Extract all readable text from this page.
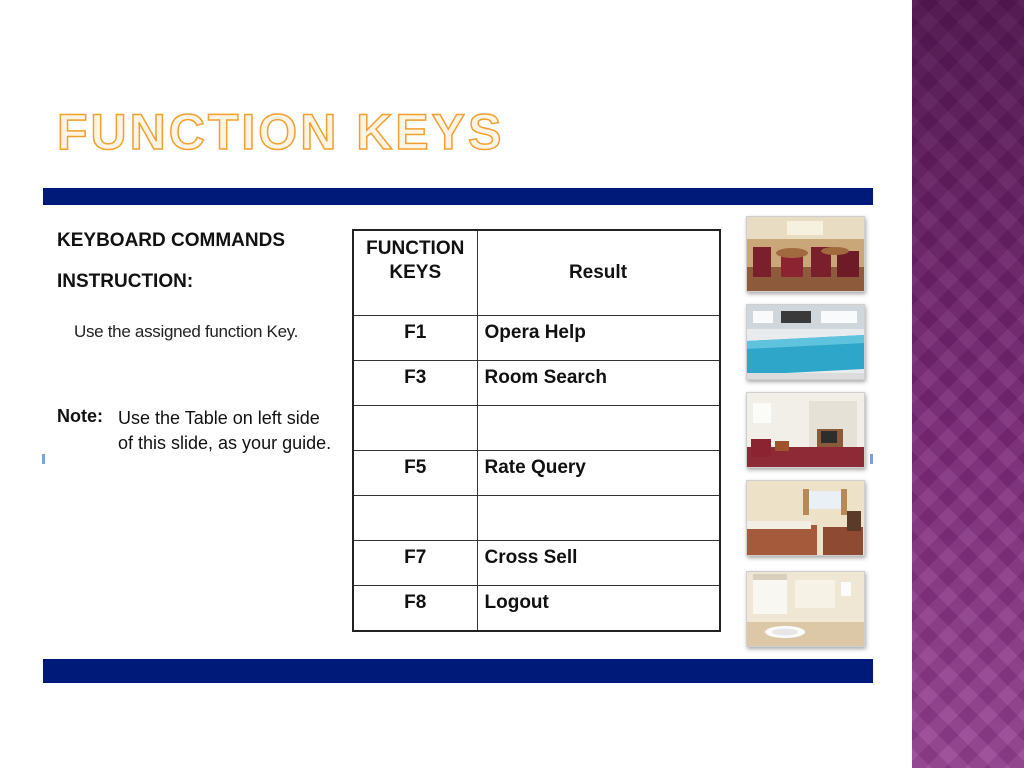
FUNCTION KEYS
KEYBOARD COMMANDS
INSTRUCTION:
Use the assigned function Key.
Note: Use the Table on left side of this slide, as your guide.
FUNCTION KEYS	Result
F1	Opera Help
F3	Room Search

F5	Rate Query

F7	Cross Sell
F8	Logout
